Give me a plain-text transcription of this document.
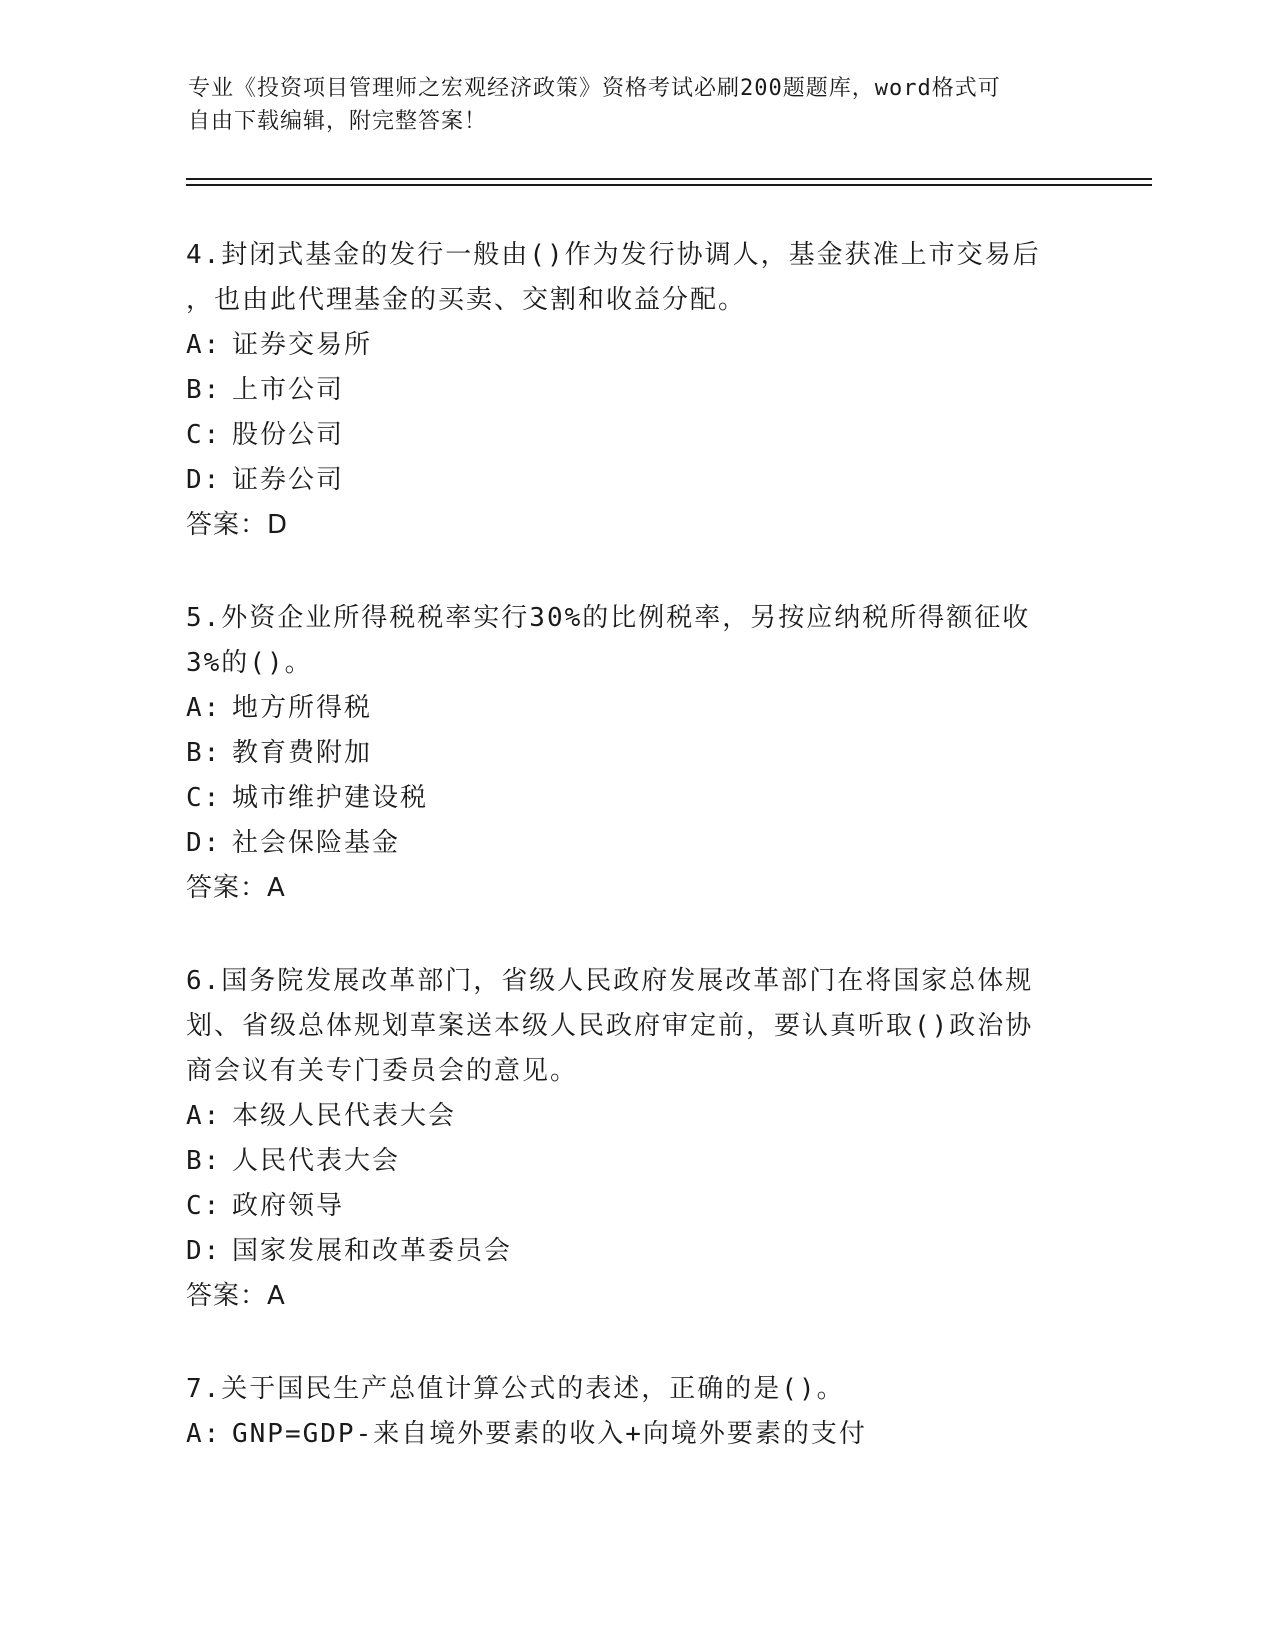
专业《投资项目管理师之宏观经济政策》资格考试必刷200题题库，word格式可
自由下载编辑，附完整答案！

4.封闭式基金的发行一般由()作为发行协调人，基金获准上市交易后

，也由此代理基金的买卖、交割和收益分配。

A: 证券交易所

B: 上市公司

C: 股份公司

D: 证券公司

答案：D

5.外资企业所得税税率实行30%的比例税率，另按应纳税所得额征收

3%的()。

A: 地方所得税

B: 教育费附加

C: 城市维护建设税

D: 社会保险基金

答案：A

6.国务院发展改革部门，省级人民政府发展改革部门在将国家总体规

划、省级总体规划草案送本级人民政府审定前，要认真听取()政治协

商会议有关专门委员会的意见。

A: 本级人民代表大会

B: 人民代表大会

C: 政府领导

D: 国家发展和改革委员会

答案：A

7.关于国民生产总值计算公式的表述，正确的是()。

A: GNP=GDP-来自境外要素的收入+向境外要素的支付
